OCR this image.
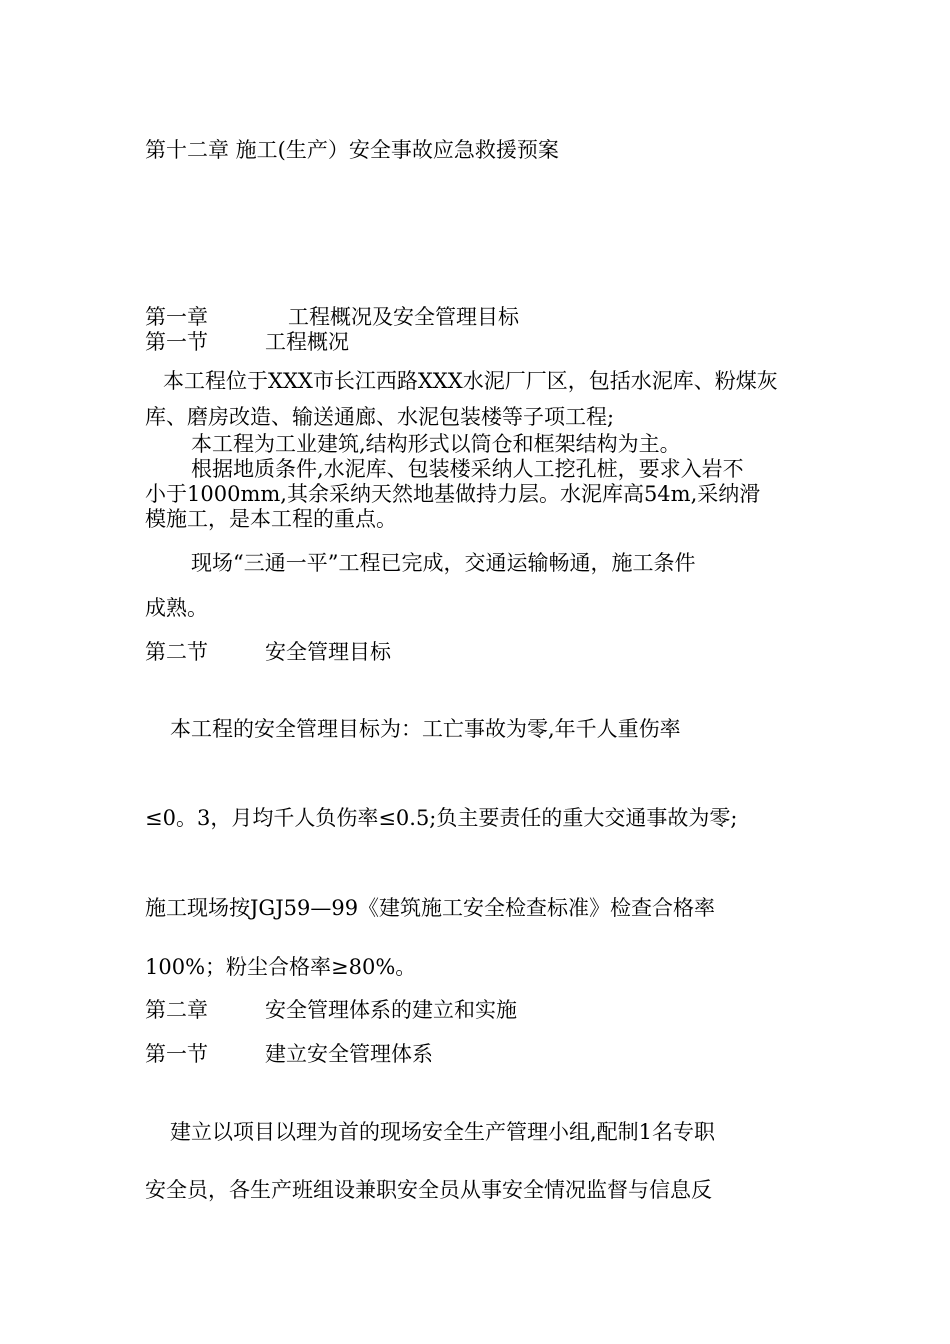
第十二章 施工(生产）安全事故应急救援预案

第一章	工程概况及安全管理目标

第一节	工程概况

本工程位于XXX市长江西路XXX水泥厂厂区，包括水泥库、粉煤灰

库、磨房改造、输送通廊、水泥包装楼等子项工程;

本工程为工业建筑,结构形式以筒仓和框架结构为主。

根据地质条件,水泥库、包装楼采纳人工挖孔桩，要求入岩不

小于1000mm,其余采纳天然地基做持力层。水泥库高54m,采纳滑

模施工，是本工程的重点。

现场“三通一平”工程已完成，交通运输畅通，施工条件

成熟。

第二节	安全管理目标

本工程的安全管理目标为：工亡事故为零,年千人重伤率

≤0。3，月均千人负伤率≤0.5;负主要责任的重大交通事故为零;

施工现场按JGJ59—99《建筑施工安全检查标准》检查合格率

100%；粉尘合格率≥80%。

第二章	安全管理体系的建立和实施

第一节	建立安全管理体系

建立以项目以理为首的现场安全生产管理小组,配制1名专职

安全员，各生产班组设兼职安全员从事安全情况监督与信息反
